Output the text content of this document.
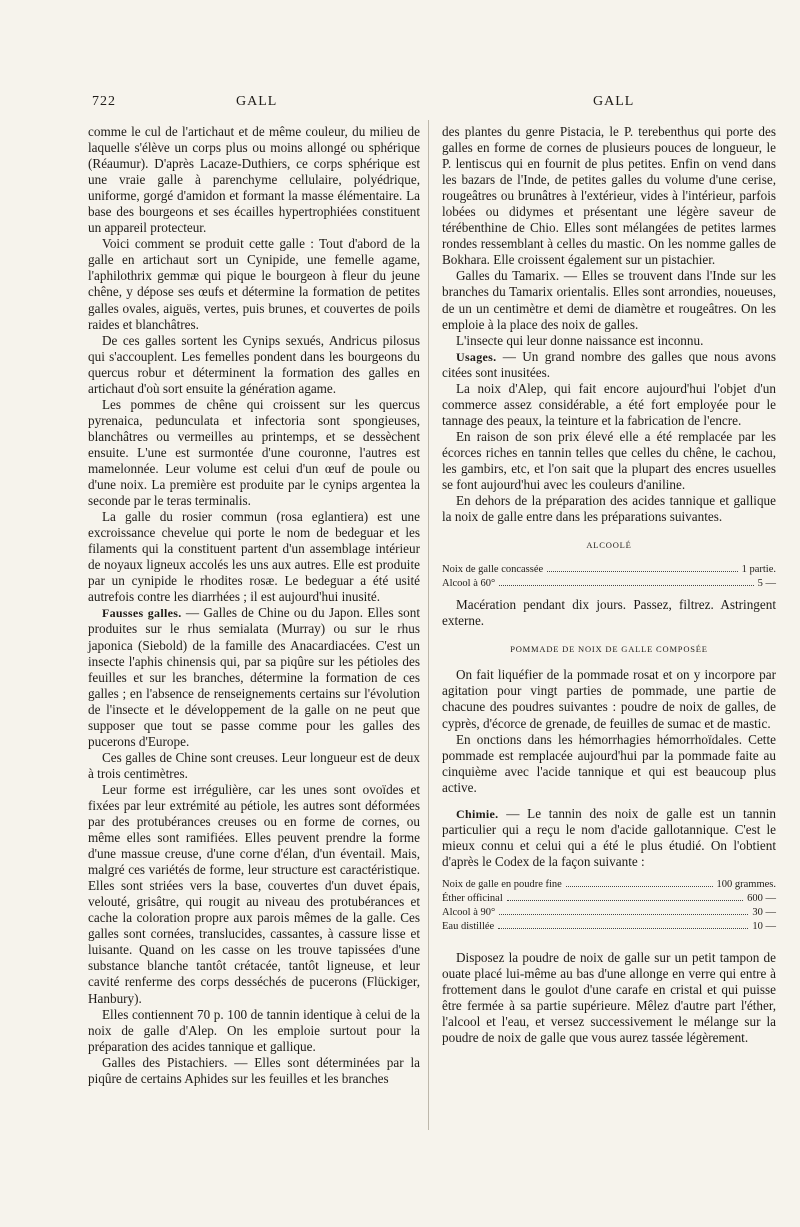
722	GALL	GALL

comme le cul de l'artichaut et de même couleur, du milieu de laquelle s'élève un corps plus ou moins allongé ou sphérique (Réaumur). D'après Lacaze-Duthiers, ce corps sphérique est une vraie galle à parenchyme cellulaire, polyédrique, uniforme, gorgé d'amidon et formant la masse élémentaire. La base des bourgeons et ses écailles hypertrophiées constituent un appareil protecteur.

Voici comment se produit cette galle : Tout d'abord de la galle en artichaut sort un Cynipide, une femelle agame, l'aphilothrix gemmæ qui pique le bourgeon à fleur du jeune chêne, y dépose ses œufs et détermine la formation de petites galles ovales, aiguës, vertes, puis brunes, et couvertes de poils raides et blanchâtres.

De ces galles sortent les Cynips sexués, Andricus pilosus qui s'accouplent. Les femelles pondent dans les bourgeons du quercus robur et déterminent la formation des galles en artichaut d'où sort ensuite la génération agame.

Les pommes de chêne qui croissent sur les quercus pyrenaica, pedunculata et infectoria sont spongieuses, blanchâtres ou vermeilles au printemps, et se dessèchent ensuite. L'une est surmontée d'une couronne, l'autres est mamelonnée. Leur volume est celui d'un œuf de poule ou d'une noix. La première est produite par le cynips argentea la seconde par le teras terminalis.

La galle du rosier commun (rosa eglantiera) est une excroissance chevelue qui porte le nom de bedeguar et les filaments qui la constituent partent d'un assemblage intérieur de noyaux ligneux accolés les uns aux autres. Elle est produite par un cynipide le rhodites rosæ. Le bedeguar a été usité autrefois contre les diarrhées ; il est aujourd'hui inusité.

Fausses galles. — Galles de Chine ou du Japon. Elles sont produites sur le rhus semialata (Murray) ou sur le rhus japonica (Siebold) de la famille des Anacardiacées. C'est un insecte l'aphis chinensis qui, par sa piqûre sur les pétioles des feuilles et sur les branches, détermine la formation de ces galles ; en l'absence de renseignements certains sur l'évolution de l'insecte et le développement de la galle on ne peut que supposer que tout se passe comme pour les galles des pucerons d'Europe.

Ces galles de Chine sont creuses. Leur longueur est de deux à trois centimètres.

Leur forme est irrégulière, car les unes sont ovoïdes et fixées par leur extrémité au pétiole, les autres sont déformées par des protubérances creuses ou en forme de cornes, ou même elles sont ramifiées. Elles peuvent prendre la forme d'une massue creuse, d'une corne d'élan, d'un éventail. Mais, malgré ces variétés de forme, leur structure est caractéristique. Elles sont striées vers la base, couvertes d'un duvet épais, velouté, grisâtre, qui rougit au niveau des protubérances et cache la coloration propre aux parois mêmes de la galle. Ces galles sont cornées, translucides, cassantes, à cassure lisse et luisante. Quand on les casse on les trouve tapissées d'une substance blanche tantôt crétacée, tantôt ligneuse, et leur cavité renferme des corps desséchés de pucerons (Flückiger, Hanbury).

Elles contiennent 70 p. 100 de tannin identique à celui de la noix de galle d'Alep. On les emploie surtout pour la préparation des acides tannique et gallique.

Galles des Pistachiers. — Elles sont déterminées par la piqûre de certains Aphides sur les feuilles et les branches

des plantes du genre Pistacia, le P. terebenthus qui porte des galles en forme de cornes de plusieurs pouces de longueur, le P. lentiscus qui en fournit de plus petites. Enfin on vend dans les bazars de l'Inde, de petites galles du volume d'une cerise, rougeâtres ou brunâtres à l'extérieur, vides à l'intérieur, parfois lobées ou didymes et présentant une légère saveur de térébenthine de Chio. Elles sont mélangées de petites larmes rondes ressemblant à celles du mastic. On les nomme galles de Bokhara. Elle croissent également sur un pistachier.

Galles du Tamarix. — Elles se trouvent dans l'Inde sur les branches du Tamarix orientalis. Elles sont arrondies, noueuses, de un un centimètre et demi de diamètre et rougeâtres. On les emploie à la place des noix de galles.

L'insecte qui leur donne naissance est inconnu.

Usages. — Un grand nombre des galles que nous avons citées sont inusitées.

La noix d'Alep, qui fait encore aujourd'hui l'objet d'un commerce assez considérable, a été fort employée pour le tannage des peaux, la teinture et la fabrication de l'encre.

En raison de son prix élevé elle a été remplacée par les écorces riches en tannin telles que celles du chêne, le cachou, les gambirs, etc, et l'on sait que la plupart des encres usuelles se font aujourd'hui avec les couleurs d'aniline.

En dehors de la préparation des acides tannique et gallique la noix de galle entre dans les préparations suivantes.

ALCOOLÉ
Noix de galle concassée	1 partie.
Alcool à 60°	5 —

Macération pendant dix jours. Passez, filtrez. Astringent externe.

POMMADE DE NOIX DE GALLE COMPOSÉE

On fait liquéfier de la pommade rosat et on y incorpore par agitation pour vingt parties de pommade, une partie de chacune des poudres suivantes : poudre de noix de galles, de cyprès, d'écorce de grenade, de feuilles de sumac et de mastic.

En onctions dans les hémorrhagies hémorrhoïdales. Cette pommade est remplacée aujourd'hui par la pommade faite au cinquième avec l'acide tannique et qui est beaucoup plus active.

Chimie. — Le tannin des noix de galle est un tannin particulier qui a reçu le nom d'acide gallotannique. C'est le mieux connu et celui qui a été le plus étudié. On l'obtient d'après le Codex de la façon suivante :

Noix de galle en poudre fine	100 grammes.
Éther officinal	600 —
Alcool à 90°	30 —
Eau distillée	10 —

Disposez la poudre de noix de galle sur un petit tampon de ouate placé lui-même au bas d'une allonge en verre qui entre à frottement dans le goulot d'une carafe en cristal et qui puisse être fermée à sa partie supérieure. Mêlez d'autre part l'éther, l'alcool et l'eau, et versez successivement le mélange sur la poudre de noix de galle que vous aurez tassée légèrement.
